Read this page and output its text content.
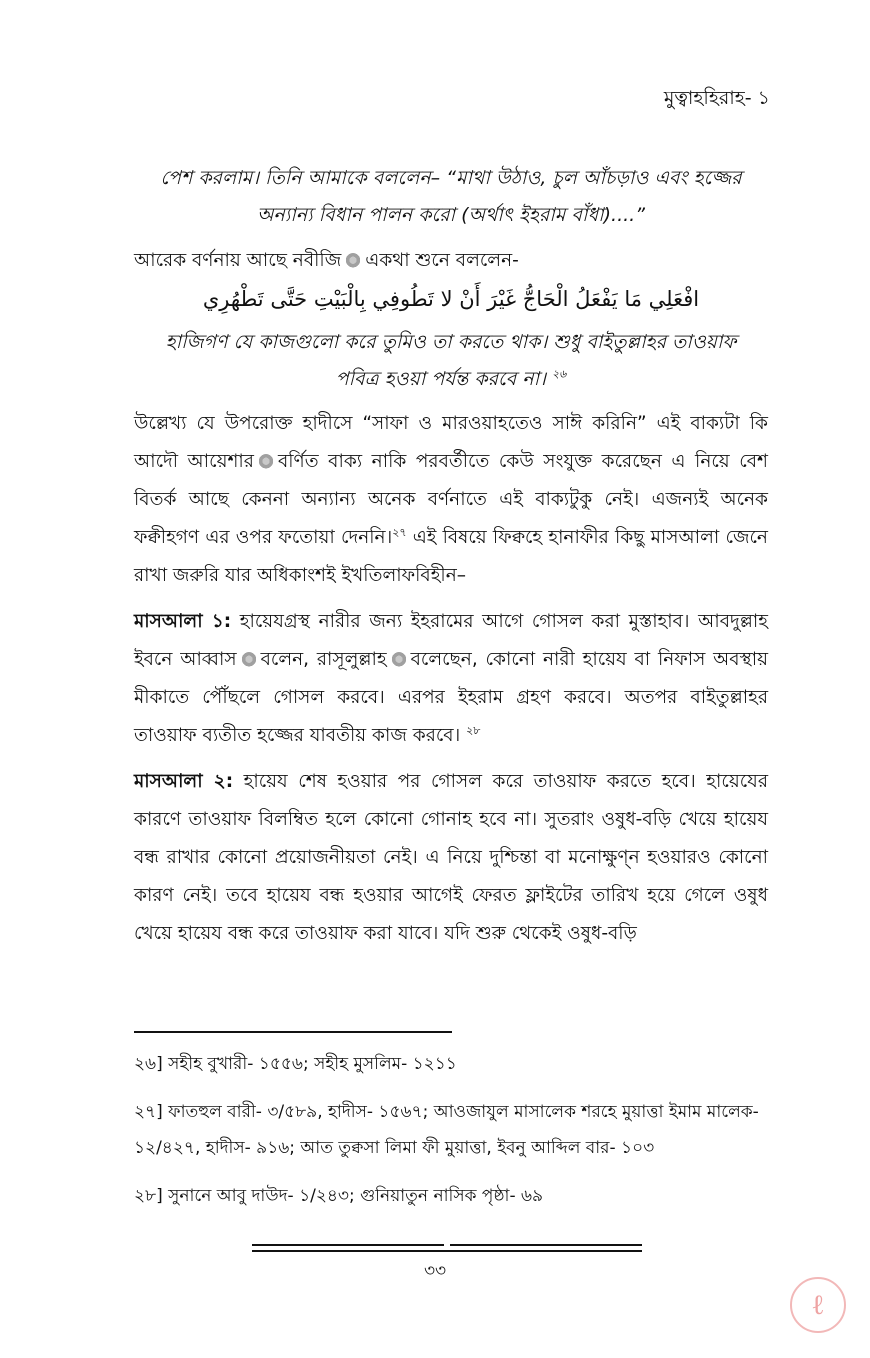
মুত্বাহহিরাহ- ১
পেশ করলাম। তিনি আমাকে বললেন– “মাথা উঠাও, চুল আঁচড়াও এবং হজ্জের
অন্যান্য বিধান পালন করো (অর্থাৎ ইহরাম বাঁধা)....”
আরেক বর্ণনায় আছে নবীজি একথা শুনে বললেন-
افْعَلِي مَا يَفْعَلُ الْحَاجُّ غَيْرَ أَنْ لا تَطُوفِي بِالْبَيْتِ حَتَّى تَطْهُرِي
হাজিগণ যে কাজগুলো করে তুমিও তা করতে থাক। শুধু বাইতুল্লাহর তাওয়াফ
পবিত্র হওয়া পর্যন্ত করবে না। $^{২৬}$
উল্লেখ্য যে উপরোক্ত হাদীসে “সাফা ও মারওয়াহতেও সাঈ করিনি” এই বাক্যটা কি আদৌ আয়েশার বর্ণিত বাক্য নাকি পরবর্তীতে কেউ সংযুক্ত করেছেন এ নিয়ে বেশ বিতর্ক আছে কেননা অন্যান্য অনেক বর্ণনাতে এই বাক্যটুকু নেই। এজন্যই অনেক ফক্বীহগণ এর ওপর ফতোয়া দেননি।$^{২৭}$ এই বিষয়ে ফিক্বহে হানাফীর কিছু মাসআলা জেনে রাখা জরুরি যার অধিকাংশই ইখতিলাফবিহীন–
মাসআলা ১: হায়েযগ্রস্থ নারীর জন্য ইহরামের আগে গোসল করা মুস্তাহাব। আবদুল্লাহ ইবনে আব্বাস বলেন, রাসূলুল্লাহ বলেছেন, কোনো নারী হায়েয বা নিফাস অবস্থায় মীকাতে পৌঁছলে গোসল করবে। এরপর ইহরাম গ্রহণ করবে। অতপর বাইতুল্লাহর তাওয়াফ ব্যতীত হজ্জের যাবতীয় কাজ করবে। $^{২৮}$
মাসআলা ২: হায়েয শেষ হওয়ার পর গোসল করে তাওয়াফ করতে হবে। হায়েযের কারণে তাওয়াফ বিলম্বিত হলে কোনো গোনাহ হবে না। সুতরাং ওষুধ-বড়ি খেয়ে হায়েয বন্ধ রাখার কোনো প্রয়োজনীয়তা নেই। এ নিয়ে দুশ্চিন্তা বা মনোক্ষুণ্ন হওয়ারও কোনো কারণ নেই। তবে হায়েয বন্ধ হওয়ার আগেই ফেরত ফ্লাইটের তারিখ হয়ে গেলে ওষুধ খেয়ে হায়েয বন্ধ করে তাওয়াফ করা যাবে। যদি শুরু থেকেই ওষুধ-বড়ি

২৬] সহীহ বুখারী- ১৫৫৬; সহীহ মুসলিম- ১২১১

২৭] ফাতহুল বারী- ৩/৫৮৯, হাদীস- ১৫৬৭; আওজাযুল মাসালেক শরহে মুয়াত্তা ইমাম মালেক- ১২/৪২৭, হাদীস- ৯১৬; আত তুক্বসা লিমা ফী মুয়াত্তা, ইবনু আব্দিল বার- ১০৩

২৮] সুনানে আবু দাউদ- ১/২৪৩; গুনিয়াতুন নাসিক পৃষ্ঠা- ৬৯

৩৩
ℓ
